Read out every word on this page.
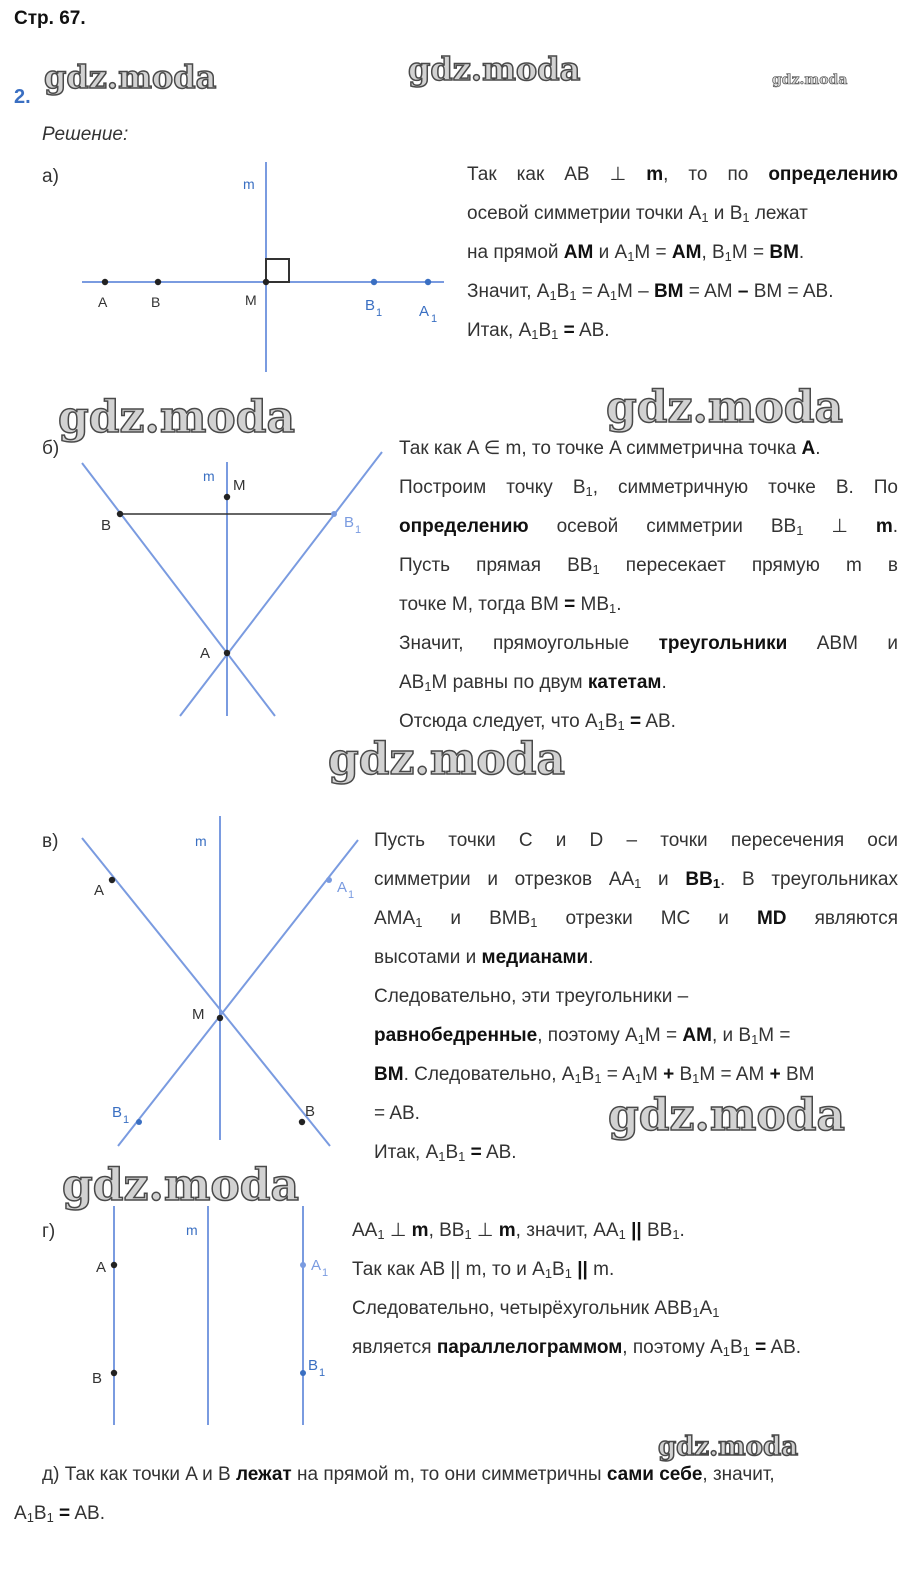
Стр. 67.
2.
Решение:
gdz.moda	gdz.moda	gdz.moda
gdz.moda	gdz.moda
gdz.moda
gdz.moda
gdz.moda
gdz.moda
а)	m
A	B	M	B 1 A 1
Так как AB ⊥ m, то по определению
осевой симметрии точки $A_1$ и $B_1$ лежат
на прямой AM и $A_1M$ = AM, $B_1M$ = BM.
Значит, $A_1B_1 = A_1M$ – BM = AM – BM = AB.
Итак, $A_1B_1$ = AB.
б)
m
M
B	B 1
A
Так как A ∈ m, то точке A симметрична точка A.
Построим точку $B_1$, симметричную точке B. По
определению осевой симметрии $BB_1$ ⊥ m.
Пусть прямая $BB_1$ пересекает прямую m в
точке M, тогда BM = $MB_1$.
Значит, прямоугольные треугольники ABM и
$AB_1M$ равны по двум катетам.
Отсюда следует, что $A_1B_1$ = AB.
в)	m
A	A 1
M
B 1	B
Пусть точки C и D – точки пересечения оси
симметрии и отрезков $AA_1$ и $BB_1$. В треугольниках
$AMA_1$ и $BMB_1$ отрезки MC и MD являются
высотами и медианами.
Следовательно, эти треугольники –
равнобедренные, поэтому $A_1M$ = AM, и $B_1M$ =
BM. Следовательно, $A_1B_1 = A_1M + B_1M$ = AM + BM
= AB.
Итак, $A_1B_1$ = AB.
г)	m
A
B
A 1
B 1
$AA_1$ ⊥ m, $BB_1$ ⊥ m, значит, $AA_1$ || $BB_1$.
Так как AB || m, то и $A_1B_1$ || m.
Следовательно, четырёхугольник $ABB_1A_1$
является параллелограммом, поэтому $A_1B_1$ = AB.
д) Так как точки A и B лежат на прямой m, то они симметричны сами себе, значит,
$A_1B_1$ = AB.
